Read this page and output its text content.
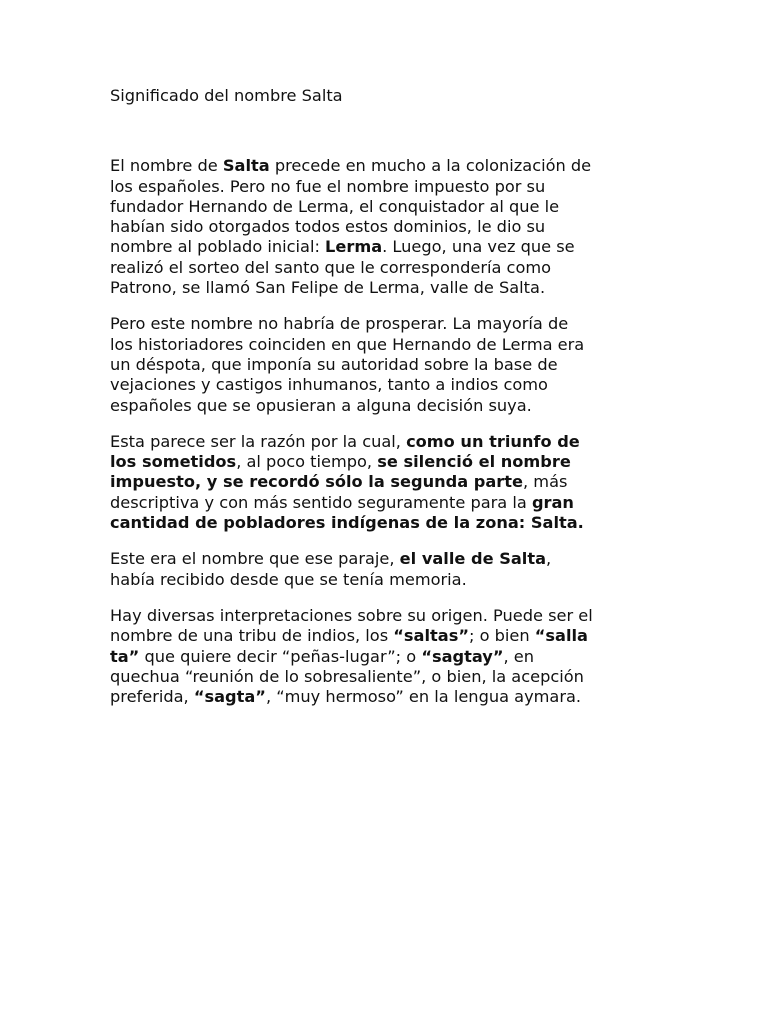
Significado del nombre Salta
El nombre de Salta precede en mucho a la colonización de
los españoles. Pero no fue el nombre impuesto por su
fundador Hernando de Lerma, el conquistador al que le
habían sido otorgados todos estos dominios, le dio su
nombre al poblado inicial: Lerma. Luego, una vez que se
realizó el sorteo del santo que le correspondería como
Patrono, se llamó San Felipe de Lerma, valle de Salta.
Pero este nombre no habría de prosperar. La mayoría de
los historiadores coinciden en que Hernando de Lerma era
un déspota, que imponía su autoridad sobre la base de
vejaciones y castigos inhumanos, tanto a indios como
españoles que se opusieran a alguna decisión suya.
Esta parece ser la razón por la cual, como un triunfo de
los sometidos, al poco tiempo, se silenció el nombre
impuesto, y se recordó sólo la segunda parte, más
descriptiva y con más sentido seguramente para la gran
cantidad de pobladores indígenas de la zona: Salta.
Este era el nombre que ese paraje, el valle de Salta,
había recibido desde que se tenía memoria.
Hay diversas interpretaciones sobre su origen. Puede ser el
nombre de una tribu de indios, los “saltas”; o bien “salla
ta” que quiere decir “peñas-lugar”; o “sagtay”, en
quechua “reunión de lo sobresaliente”, o bien, la acepción
preferida, “sagta”, “muy hermoso” en la lengua aymara.
